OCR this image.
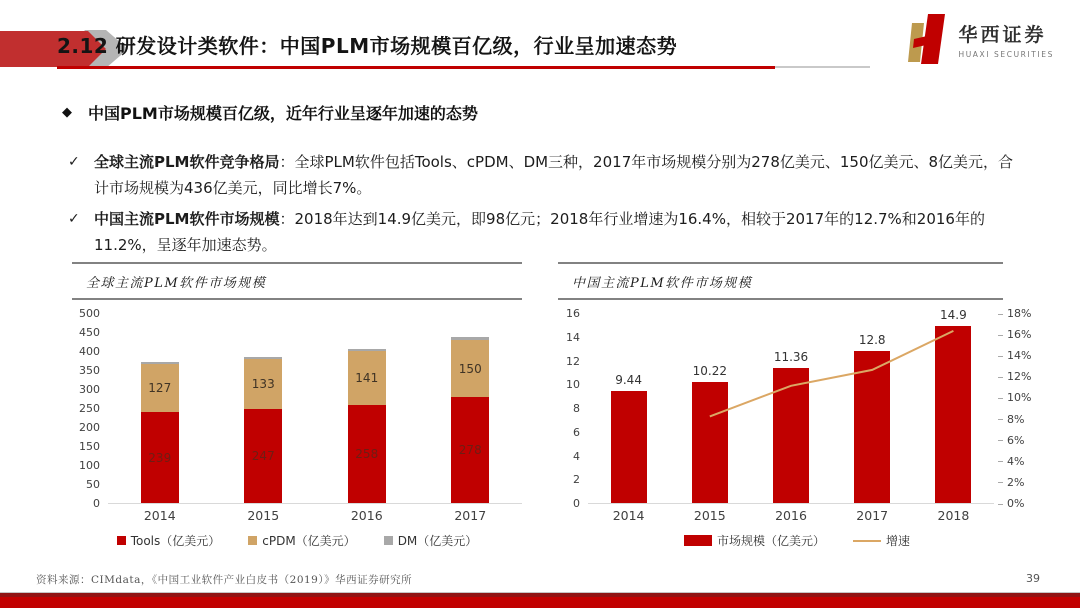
2.12 研发设计类软件：中国PLM市场规模百亿级，行业呈加速态势	华西证券
HUAXI SECURITIES
◆ 中国PLM市场规模百亿级，近年行业呈逐年加速的态势
✓ 全球主流PLM软件竞争格局：全球PLM软件包括Tools、cPDM、DM三种，2017年市场规模分别为278亿美元、150亿美元、8亿美元，合计市场规模为436亿美元，同比增长7%。
✓ 中国主流PLM软件市场规模：2018年达到14.9亿美元，即98亿元；2018年行业增速为16.4%，相较于2017年的12.7%和2016年的11.2%，呈逐年加速态势。
全球主流PLM软件市场规模
0
50
100
150
200
250
300
350
400
450
500
239
127
247
133
258
141
278
150
2014	2015	2016	2017
Tools（亿美元）	cPDM（亿美元）	DM（亿美元）
中国主流PLM软件市场规模
0
2
4
6
8
10
12
14
16
9.44
10.22
11.36
12.8
14.9
0%
2%
4%
6%
8%
10%
12%
14%
16%
18%
2014	2015	2016	2017	2018
市场规模（亿美元）	增速
资料来源：CIMdata，《中国工业软件产业白皮书（2019）》华西证券研究所	39
